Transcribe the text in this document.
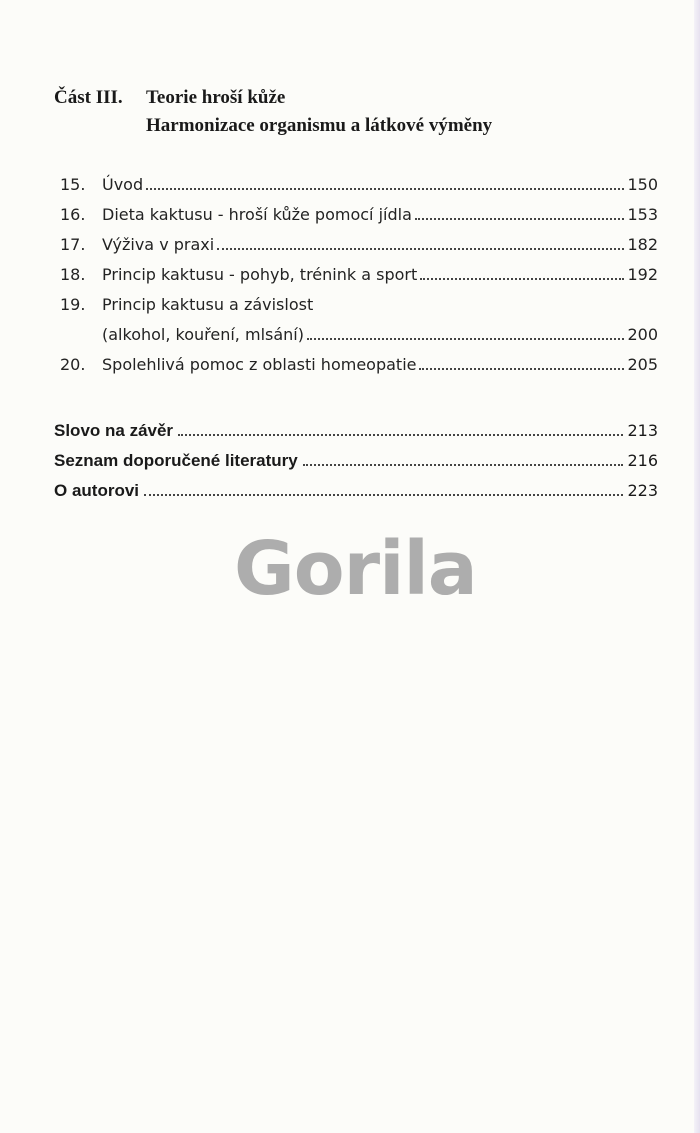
Část III.	Teorie hroší kůže
Harmonizace organismu a látkové výměny
15.	Úvod	150
16.	Dieta kaktusu - hroší kůže pomocí jídla	153
17.	Výživa v praxi	182
18.	Princip kaktusu - pohyb, trénink a sport	192
19.	Princip kaktusu a závislost
(alkohol, kouření, mlsání)	200
20.	Spolehlivá pomoc z oblasti homeopatie	205
Slovo na závěr	213
Seznam doporučené literatury	216
O autorovi	223
Gorila
